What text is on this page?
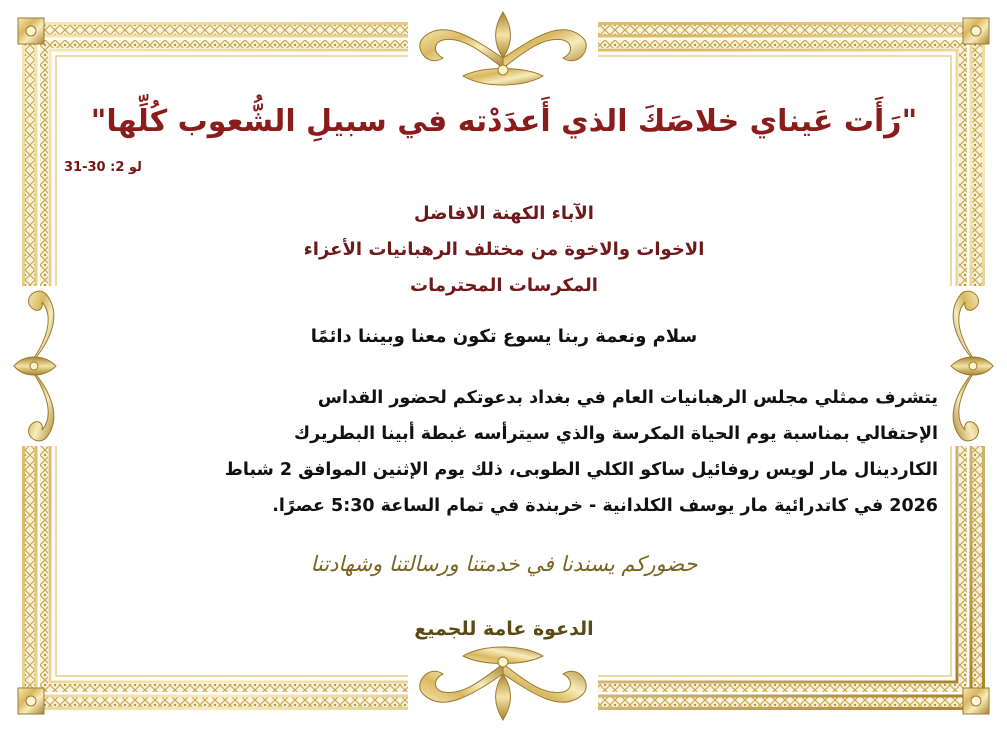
"رَأَت عَيناي خلاصَكَ الذي أَعدَدْته في سبيلِ الشُّعوب كُلِّها"
لو 2: 30-31
الآباء الكهنة الافاضل
الاخوات والاخوة من مختلف الرهبانيات الأعزاء
المكرسات المحترمات
سلام ونعمة ربنا يسوع تكون معنا وبيننا دائمًا
يتشرف ممثلي مجلس الرهبانيات العام في بغداد بدعوتكم لحضور القداس
الإحتفالي بمناسبة يوم الحياة المكرسة والذي سيترأسه غبطة أبينا البطريرك
الكاردينال مار لويس روفائيل ساكو الكلي الطوبى، ذلك يوم الإثنين الموافق 2 شباط
2026 في كاتدرائية مار يوسف الكلدانية - خربندة في تمام الساعة 5:30 عصرًا.
حضوركم يسندنا في خدمتنا ورسالتنا وشهادتنا
الدعوة عامة للجميع
